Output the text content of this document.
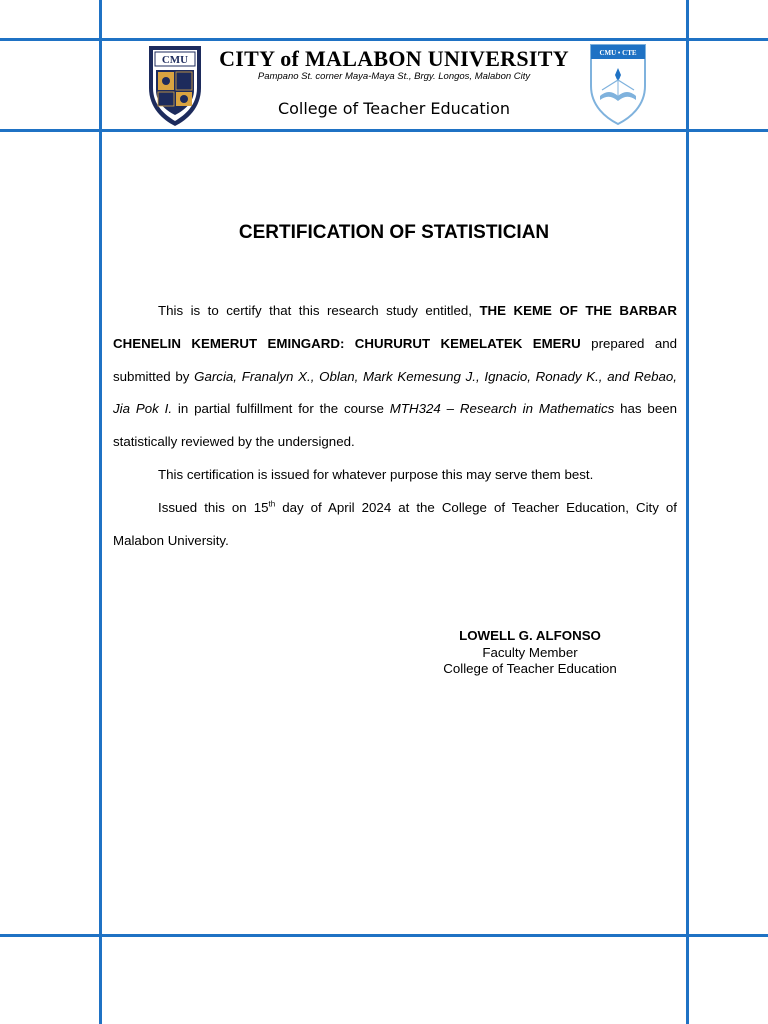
CMU	CITY of MALABON UNIVERSITY
Pampano St. corner Maya-Maya St., Brgy. Longos, Malabon City
College of Teacher Education
CMU • CTE
CERTIFICATION OF STATISTICIAN

This is to certify that this research study entitled, THE KEME OF THE BARBAR CHENELIN KEMERUT EMINGARD: CHURURUT KEMELATEK EMERU prepared and submitted by Garcia, Franalyn X., Oblan, Mark Kemesung J., Ignacio, Ronady K., and Rebao, Jia Pok I. in partial fulfillment for the course MTH324 – Research in Mathematics has been statistically reviewed by the undersigned.

This certification is issued for whatever purpose this may serve them best.

Issued this on 15th day of April 2024 at the College of Teacher Education, City of Malabon University.

LOWELL G. ALFONSO
Faculty Member
College of Teacher Education
